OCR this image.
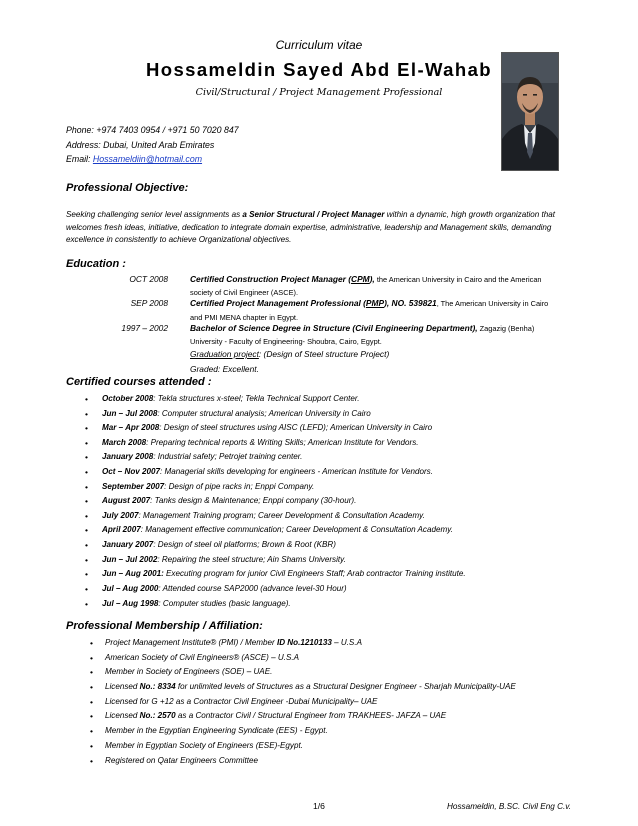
Curriculum vitae
Hossameldin Sayed Abd El-Wahab
Civil/Structural / Project Management Professional
Phone: +974 7403 0954 / +971 50 7020 847
Address: Dubai, United Arab Emirates
Email: Hossameldiin@hotmail.com
Professional Objective:
Seeking challenging senior level assignments as a Senior Structural / Project Manager within a dynamic, high growth organization that welcomes fresh ideas, initiative, dedication to integrate domain expertise, administrative, leadership and Management skills, demanding excellence in consistently to achieve Organizational objectives.
Education :
OCT 2008	Certified Construction Project Manager (CPM), the American University in Cairo and the American
society of Civil Engineer (ASCE).
SEP 2008	Certified Project Management Professional (PMP), NO. 539821, The American University in Cairo
and PMI MENA chapter in Egypt.
1997 – 2002	Bachelor of Science Degree in Structure (Civil Engineering Department), Zagazig (Benha)
University - Faculty of Engineering- Shoubra, Cairo, Egypt.
Graduation project: (Design of Steel structure Project)
Graded: Excellent.
Certified courses attended :
• October 2008: Tekla structures x-steel; Tekla Technical Support Center.
• Jun – Jul 2008: Computer structural analysis; American University in Cairo
• Mar – Apr 2008: Design of steel structures using AISC (LEFD); American University in Cairo
• March 2008: Preparing technical reports & Writing Skills; American Institute for Vendors.
• January 2008: Industrial safety; Petrojet training center.
• Oct – Nov 2007: Managerial skills developing for engineers - American Institute for Vendors.
• September 2007: Design of pipe racks in; Enppi Company.
• August 2007: Tanks design & Maintenance; Enppi company (30-hour).
• July 2007: Management Training program; Career Development & Consultation Academy.
• April 2007: Management effective communication; Career Development & Consultation Academy.
• January 2007: Design of steel oil platforms; Brown & Root (KBR)
• Jun – Jul 2002: Repairing the steel structure; Ain Shams University.
• Jun – Aug 2001: Executing program for junior Civil Engineers Staff; Arab contractor Training institute.
• Jul – Aug 2000: Attended course SAP2000 (advance level-30 Hour)
• Jul – Aug 1998: Computer studies (basic language).
Professional Membership / Affiliation:
• Project Management Institute® (PMI) / Member ID No.1210133 – U.S.A
• American Society of Civil Engineers® (ASCE) – U.S.A
• Member in Society of Engineers (SOE) – UAE.
• Licensed No.: 8334 for unlimited levels of Structures as a Structural Designer Engineer - Sharjah Municipality-UAE
• Licensed for G +12 as a Contractor Civil Engineer -Dubai Municipality– UAE
• Licensed No.: 2570 as a Contractor Civil / Structural Engineer from TRAKHEES- JAFZA – UAE
• Member in the Egyptian Engineering Syndicate (EES) - Egypt.
• Member in Egyptian Society of Engineers (ESE)-Egypt.
• Registered on Qatar Engineers Committee
1/6	Hossameldin, B.SC. Civil Eng C.v.
